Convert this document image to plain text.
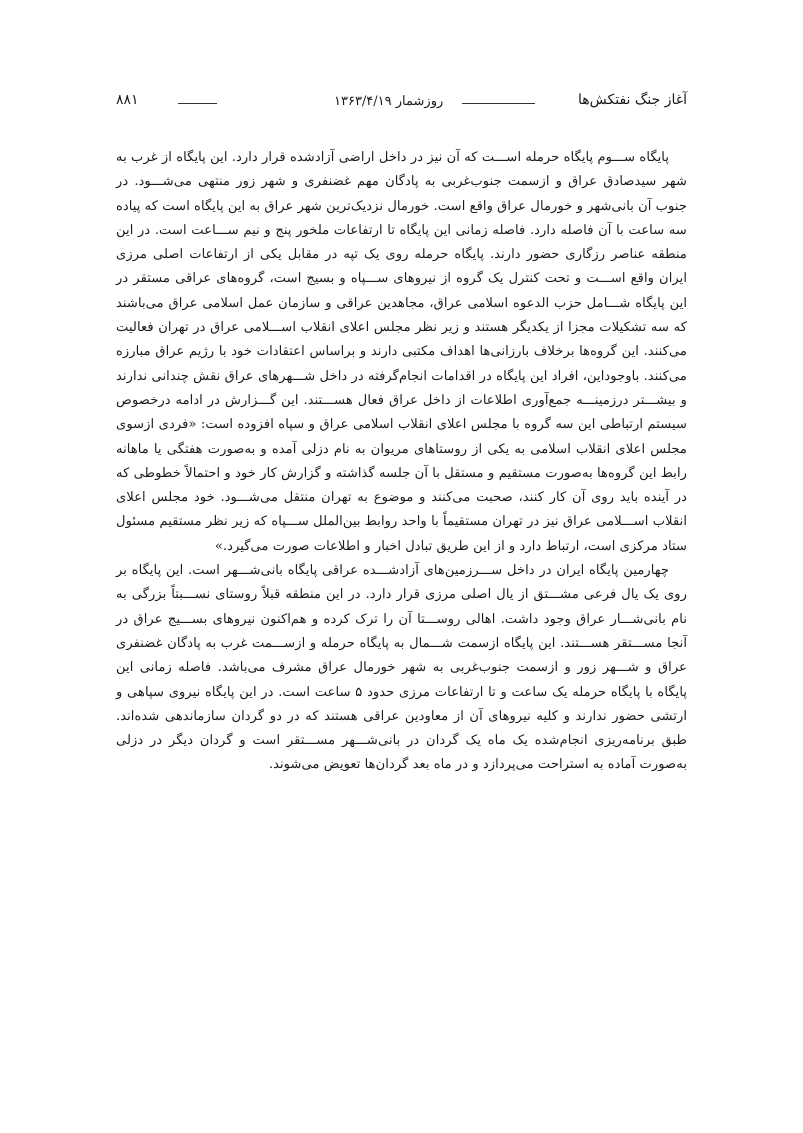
آغاز جنگ نفتکش‌ها
روزشمار ۱۳۶۳/۴/۱۹
۸۸۱

پایگاه ســـوم پایگاه حرمله اســـت که آن نیز در داخل اراضی آزادشده قرار دارد. این پایگاه از غرب به شهر سیدصادق عراق و ازسمت جنوب‌غربی به پادگان مهم غضنفری و شهر زور منتهی می‌شـــود. در جنوب آن بانی‌شهر و خورمال عراق واقع است. خورمال نزدیک‌ترین شهر عراق به این پایگاه است که پیاده سه ساعت با آن فاصله دارد. فاصله زمانی این پایگاه تا ارتفاعات ملخور پنج و نیم ســـاعت است. در این منطقه عناصر رزگاری حضور دارند. پایگاه حرمله روی یک تپه در مقابل یکی از ارتفاعات اصلی مرزی ایران واقع اســـت و تحت کنترل یک گروه از نیروهای ســـپاه و بسیج است، گروه‌های عراقی مستقر در این پایگاه شـــامل حزب الدعوه اسلامی عراق، مجاهدین عراقی و سازمان عمل اسلامی عراق می‌باشند که سه تشکیلات مجزا از یکدیگر هستند و زیر نظر مجلس اعلای انقلاب اســـلامی عراق در تهران فعالیت می‌کنند. این گروه‌ها برخلاف بارزانی‌ها اهداف مکتبی دارند و براساس اعتقادات خود با رژیم عراق مبارزه می‌کنند. باوجوداین، افراد این پایگاه در اقدامات انجام‌گرفته در داخل شـــهرهای عراق نقش چندانی ندارند و بیشـــتر درزمینـــه جمع‌آوری اطلاعات از داخل عراق فعال هســـتند. این گـــزارش در ادامه درخصوص سیستم ارتباطی این سه گروه با مجلس اعلای انقلاب اسلامی عراق و سپاه افزوده است: «فردی ازسوی مجلس اعلای انقلاب اسلامی به یکی از روستاهای مریوان به نام دزلی آمده و به‌صورت هفتگی یا ماهانه رابط این گروه‌ها به‌صورت مستقیم و مستقل با آن جلسه گذاشته و گزارش کار خود و احتمالاً خطوطی که در آینده باید روی آن کار کنند، صحبت می‌کنند و موضوع به تهران منتقل می‌شـــود. خود مجلس اعلای انقلاب اســـلامی عراق نیز در تهران مستقیماً با واحد روابط بین‌الملل ســـپاه که زیر نظر مستقیم مسئول ستاد مرکزی است، ارتباط دارد و از این طریق تبادل اخبار و اطلاعات صورت می‌گیرد.»

چهارمین پایگاه ایران در داخل ســـرزمین‌های آزادشـــده عراقی پایگاه بانی‌شـــهر است. این پایگاه بر روی یک یال فرعی مشـــتق از یال اصلی مرزی قرار دارد. در این منطقه قبلاً روستای نســـبتاً بزرگی به نام بانی‌شـــار عراق وجود داشت. اهالی روســـتا آن را ترک کرده و هم‌اکنون نیروهای بســـیج عراق در آنجا مســـتقر هســـتند. این پایگاه ازسمت شـــمال به پایگاه حرمله و ازســـمت غرب به پادگان غضنفری عراق و شـــهر زور و ازسمت جنوب‌غربی به شهر خورمال عراق مشرف می‌باشد. فاصله زمانی این پایگاه با پایگاه حرمله یک ساعت و تا ارتفاعات مرزی حدود ۵ ساعت است. در این پایگاه نیروی سپاهی و ارتشی حضور ندارند و کلیه نیروهای آن از معاودین عراقی هستند که در دو گردان سازماندهی شده‌اند. طبق برنامه‌ریزی انجام‌شده یک ماه یک گردان در بانی‌شـــهر مســـتقر است و گردان دیگر در دزلی به‌صورت آماده به استراحت می‌پردازد و در ماه بعد گردان‌ها تعویض می‌شوند.
